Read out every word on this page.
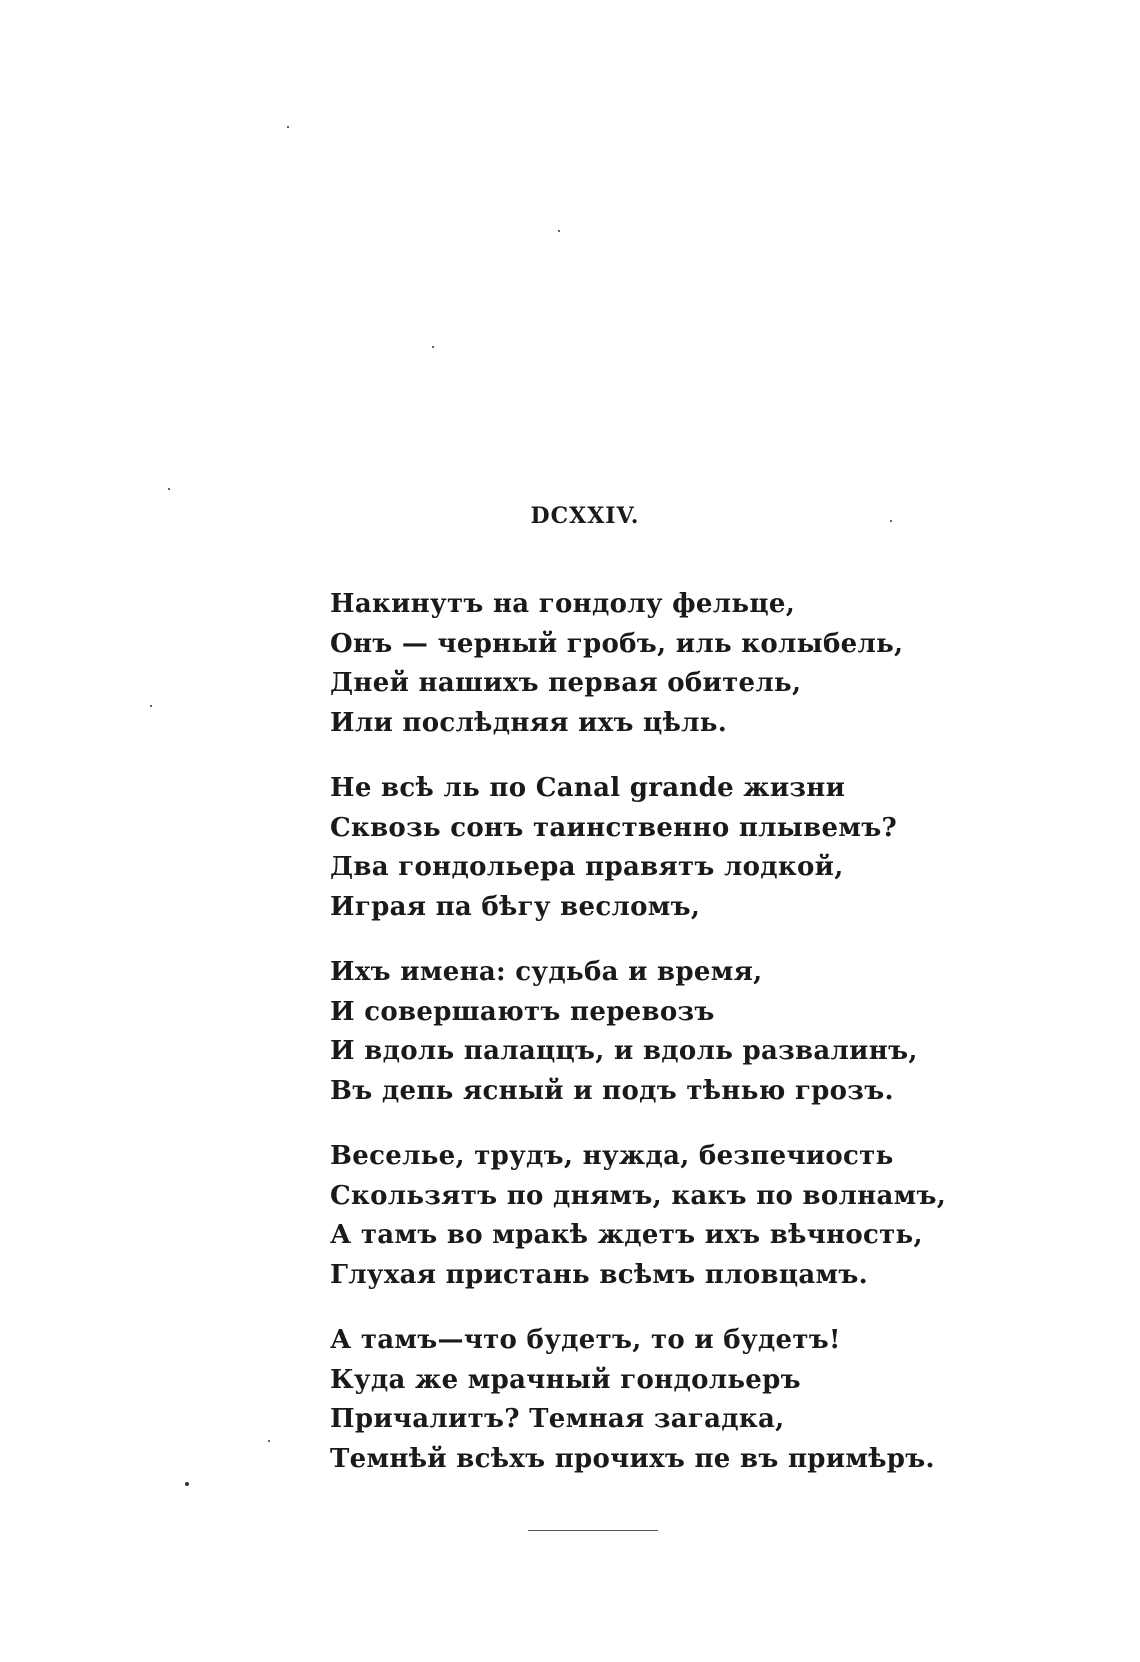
DCXXIV.
Накинутъ на гондолу фельце,
Онъ — черный гробъ, иль колыбель,
Дней нашихъ первая обитель,
Или послѣдняя ихъ цѣль.
Не всѣ ль по Canal grande жизни
Сквозь сонъ таинственно плывемъ?
Два гондольера правятъ лодкой,
Играя па бѣгу весломъ,
Ихъ имена: судьба и время,
И совершаютъ перевозъ
И вдоль палаццъ, и вдоль развалинъ,
Въ депь ясный и подъ тѣнью грозъ.
Веселье, трудъ, нужда, безпечиость
Скользятъ по днямъ, какъ по волнамъ,
А тамъ во мракѣ ждетъ ихъ вѣчность,
Глухая пристань всѣмъ пловцамъ.
А тамъ—что будетъ, то и будетъ!
Куда же мрачный гондольеръ
Причалитъ? Темная загадка,
Темнѣй всѣхъ прочихъ пе въ примѣръ.
